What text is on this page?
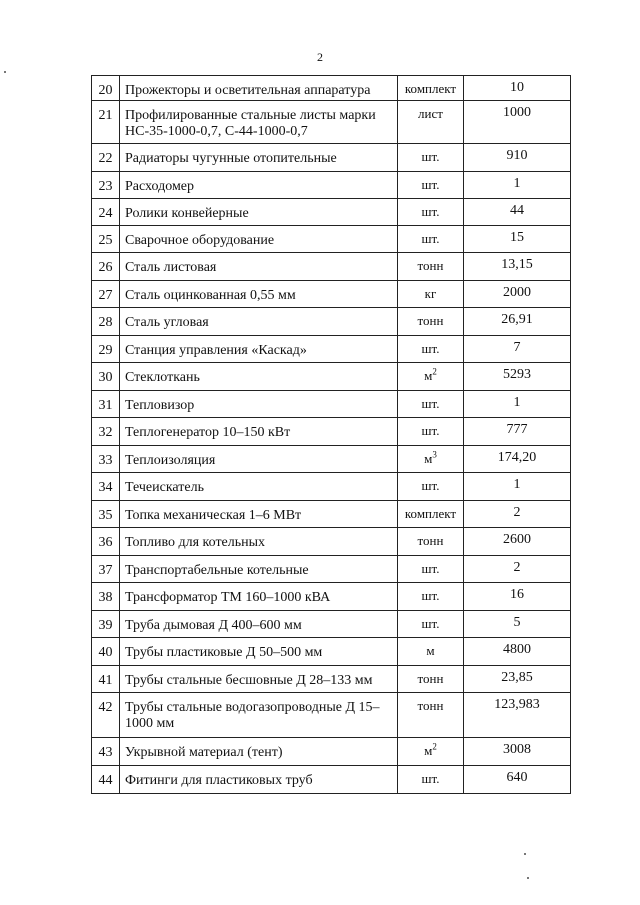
2
20	Прожекторы и осветительная аппаратура	комплект	10
21	Профилированные стальные листы марки НС-35-1000-0,7, С-44-1000-0,7	лист	1000
22	Радиаторы чугунные отопительные	шт.	910
23	Расходомер	шт.	1
24	Ролики конвейерные	шт.	44
25	Сварочное оборудование	шт.	15
26	Сталь листовая	тонн	13,15
27	Сталь оцинкованная 0,55 мм	кг	2000
28	Сталь угловая	тонн	26,91
29	Станция управления «Каскад»	шт.	7
30	Стеклоткань	$м^2$	5293
31	Тепловизор	шт.	1
32	Теплогенератор 10–150 кВт	шт.	777
33	Теплоизоляция	$м^3$	174,20
34	Течеискатель	шт.	1
35	Топка механическая 1–6 МВт	комплект	2
36	Топливо для котельных	тонн	2600
37	Транспортабельные котельные	шт.	2
38	Трансформатор ТМ 160–1000 кВА	шт.	16
39	Труба дымовая Д 400–600 мм	шт.	5
40	Трубы пластиковые Д 50–500 мм	м	4800
41	Трубы стальные бесшовные Д 28–133 мм	тонн	23,85
42	Трубы стальные водогазопроводные Д 15–1000 мм	тонн	123,983
43	Укрывной материал (тент)	$м^2$	3008
44	Фитинги для пластиковых труб	шт.	640
